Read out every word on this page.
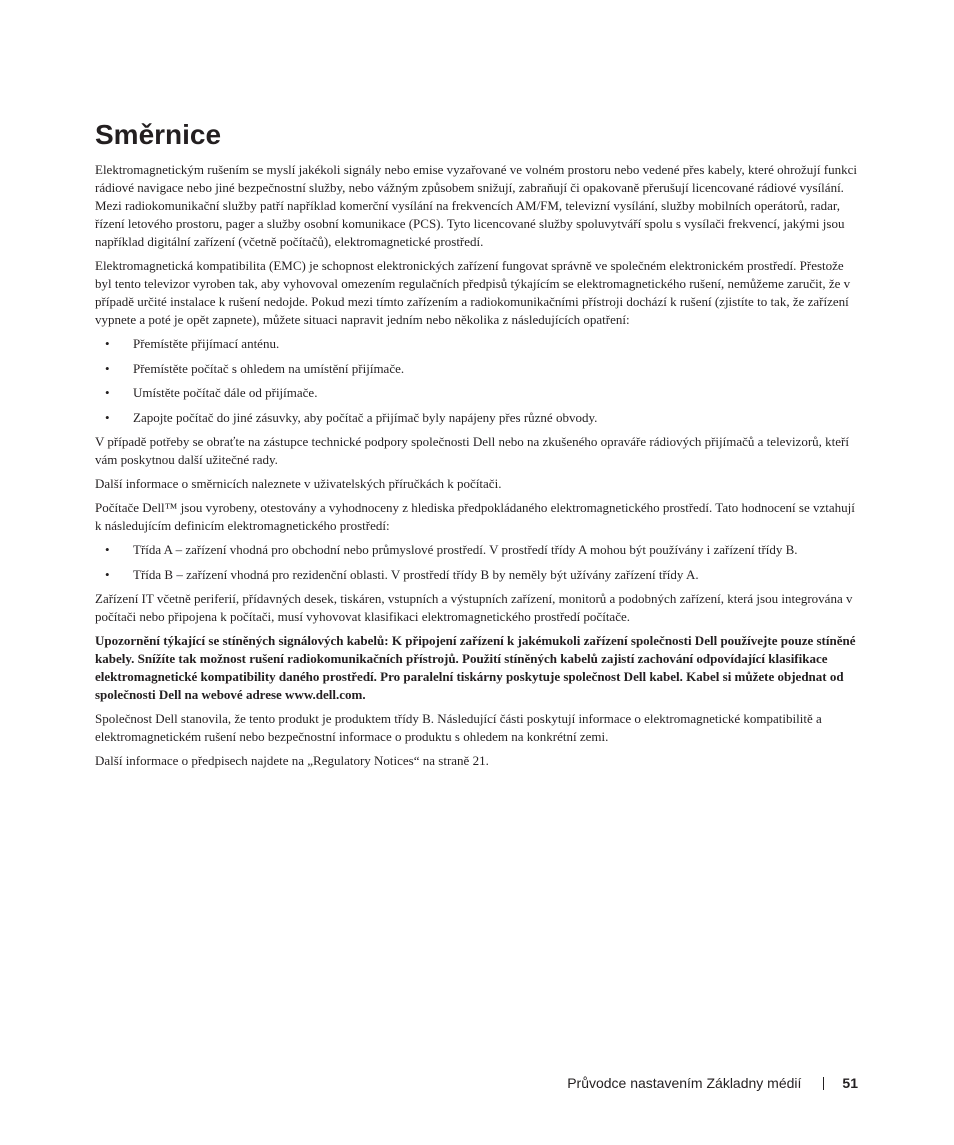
Směrnice

Elektromagnetickým rušením se myslí jakékoli signály nebo emise vyzařované ve volném prostoru nebo vedené přes kabely, které ohrožují funkci rádiové navigace nebo jiné bezpečnostní služby, nebo vážným způsobem snižují, zabraňují či opakovaně přerušují licencované rádiové vysílání. Mezi radiokomunikační služby patří například komerční vysílání na frekvencích AM/FM, televizní vysílání, služby mobilních operátorů, radar, řízení letového prostoru, pager a služby osobní komunikace (PCS). Tyto licencované služby spoluvytváří spolu s vysílači frekvencí, jakými jsou například digitální zařízení (včetně počítačů), elektromagnetické prostředí.

Elektromagnetická kompatibilita (EMC) je schopnost elektronických zařízení fungovat správně ve společném elektronickém prostředí. Přestože byl tento televizor vyroben tak, aby vyhovoval omezením regulačních předpisů týkajícím se elektromagnetického rušení, nemůžeme zaručit, že v případě určité instalace k rušení nedojde. Pokud mezi tímto zařízením a radiokomunikačními přístroji dochází k rušení (zjistíte to tak, že zařízení vypnete a poté je opět zapnete), můžete situaci napravit jedním nebo několika z následujících opatření:

• Přemístěte přijímací anténu.
• Přemístěte počítač s ohledem na umístění přijímače.
• Umístěte počítač dále od přijímače.
• Zapojte počítač do jiné zásuvky, aby počítač a přijímač byly napájeny přes různé obvody.

V případě potřeby se obraťte na zástupce technické podpory společnosti Dell nebo na zkušeného opraváře rádiových přijímačů a televizorů, kteří vám poskytnou další užitečné rady.

Další informace o směrnicích naleznete v uživatelských příručkách k počítači.

Počítače Dell™ jsou vyrobeny, otestovány a vyhodnoceny z hlediska předpokládaného elektromagnetického prostředí. Tato hodnocení se vztahují k následujícím definicím elektromagnetického prostředí:

• Třída A – zařízení vhodná pro obchodní nebo průmyslové prostředí. V prostředí třídy A mohou být používány i zařízení třídy B.
• Třída B – zařízení vhodná pro rezidenční oblasti. V prostředí třídy B by neměly být užívány zařízení třídy A.

Zařízení IT včetně periferií, přídavných desek, tiskáren, vstupních a výstupních zařízení, monitorů a podobných zařízení, která jsou integrována v počítači nebo připojena k počítači, musí vyhovovat klasifikaci elektromagnetického prostředí počítače.

Upozornění týkající se stíněných signálových kabelů: K připojení zařízení k jakémukoli zařízení společnosti Dell používejte pouze stíněné kabely. Snížíte tak možnost rušení radiokomunikačních přístrojů. Použití stíněných kabelů zajistí zachování odpovídající klasifikace elektromagnetické kompatibility daného prostředí. Pro paralelní tiskárny poskytuje společnost Dell kabel. Kabel si můžete objednat od společnosti Dell na webové adrese www.dell.com.

Společnost Dell stanovila, že tento produkt je produktem třídy B. Následující části poskytují informace o elektromagnetické kompatibilitě a elektromagnetickém rušení nebo bezpečnostní informace o produktu s ohledem na konkrétní zemi.

Další informace o předpisech najdete na „Regulatory Notices“ na straně 21.

Průvodce nastavením Základny médií	51
